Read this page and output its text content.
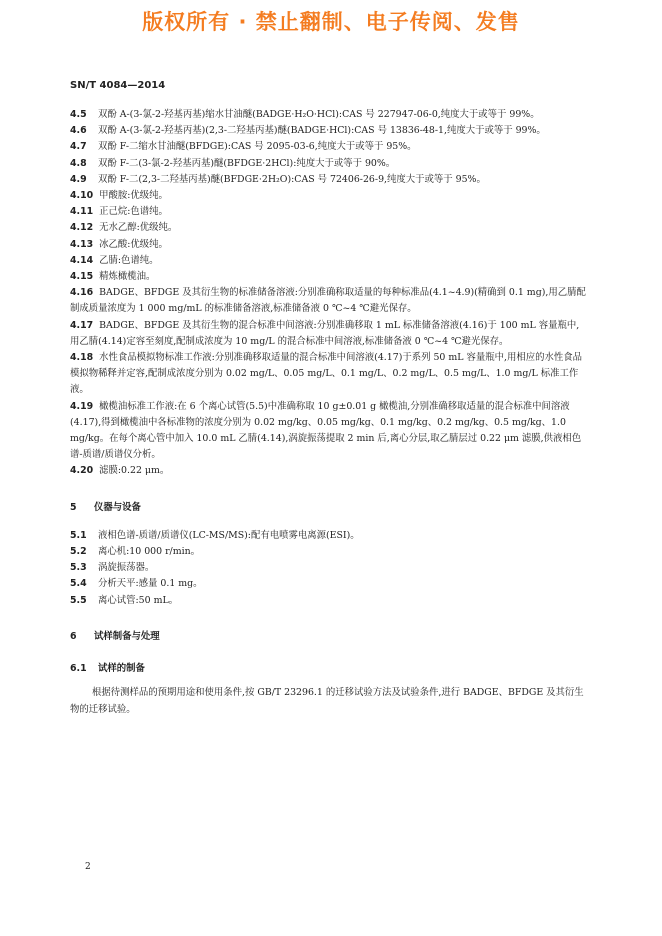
版权所有 · 禁止翻制、电子传阅、发售
SN/T 4084—2014
4.5 双酚 A-(3-氯-2-羟基丙基)缩水甘油醚(BADGE·H₂O·HCl):CAS 号 227947-06-0,纯度大于或等于 99%。
4.6 双酚 A-(3-氯-2-羟基丙基)(2,3-二羟基丙基)醚(BADGE·HCl):CAS 号 13836-48-1,纯度大于或等于 99%。
4.7 双酚 F-二缩水甘油醚(BFDGE):CAS 号 2095-03-6,纯度大于或等于 95%。
4.8 双酚 F-二(3-氯-2-羟基丙基)醚(BFDGE·2HCl):纯度大于或等于 90%。
4.9 双酚 F-二(2,3-二羟基丙基)醚(BFDGE·2H₂O):CAS 号 72406-26-9,纯度大于或等于 95%。
4.10 甲酸胺:优级纯。
4.11 正己烷:色谱纯。
4.12 无水乙醇:优级纯。
4.13 冰乙酸:优级纯。
4.14 乙腈:色谱纯。
4.15 精炼橄榄油。
4.16 BADGE、BFDGE 及其衍生物的标准储备溶液:分别准确称取适量的每种标准品(4.1~4.9)(精确到 0.1 mg),用乙腈配制成质量浓度为 1 000 mg/mL 的标准储备溶液,标准储备液 0 ℃~4 ℃避光保存。
4.17 BADGE、BFDGE 及其衍生物的混合标准中间溶液:分别准确移取 1 mL 标准储备溶液(4.16)于 100 mL 容量瓶中,用乙腈(4.14)定容至刻度,配制成浓度为 10 mg/L 的混合标准中间溶液,标准储备液 0 ℃~4 ℃避光保存。
4.18 水性食品模拟物标准工作液:分别准确移取适量的混合标准中间溶液(4.17)于系列 50 mL 容量瓶中,用相应的水性食品模拟物稀释并定容,配制成浓度分别为 0.02 mg/L、0.05 mg/L、0.1 mg/L、0.2 mg/L、0.5 mg/L、1.0 mg/L 标准工作液。
4.19 橄榄油标准工作液:在 6 个离心试管(5.5)中准确称取 10 g±0.01 g 橄榄油,分别准确移取适量的混合标准中间溶液(4.17),得到橄榄油中各标准物的浓度分别为 0.02 mg/kg、0.05 mg/kg、0.1 mg/kg、0.2 mg/kg、0.5 mg/kg、1.0 mg/kg。在每个离心管中加入 10.0 mL 乙腈(4.14),涡旋振荡提取 2 min 后,离心分层,取乙腈层过 0.22 μm 滤膜,供液相色谱-质谱/质谱仪分析。
4.20 滤膜:0.22 μm。
5 仪器与设备
5.1 液相色谱-质谱/质谱仪(LC-MS/MS):配有电喷雾电离源(ESI)。
5.2 离心机:10 000 r/min。
5.3 涡旋振荡器。
5.4 分析天平:感量 0.1 mg。
5.5 离心试管:50 mL。
6 试样制备与处理
6.1 试样的制备
根据待测样品的预期用途和使用条件,按 GB/T 23296.1 的迁移试验方法及试验条件,进行 BADGE、BFDGE 及其衍生物的迁移试验。
2
